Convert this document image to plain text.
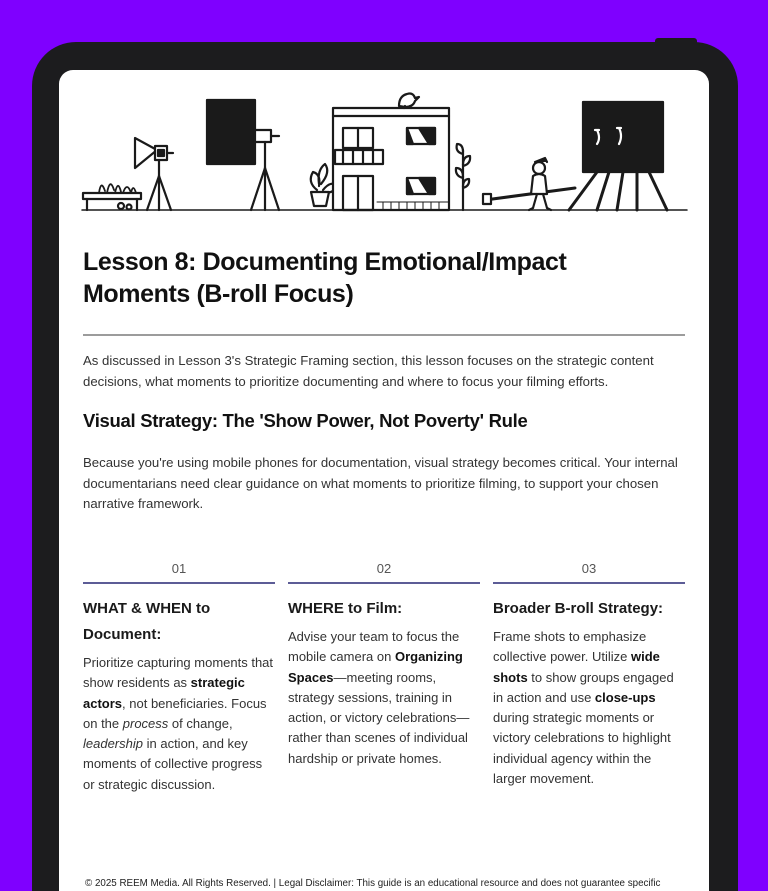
Lesson 8: Documenting Emotional/Impact Moments (B-roll Focus)

As discussed in Lesson 3's Strategic Framing section, this lesson focuses on the strategic content decisions, what moments to prioritize documenting and where to focus your filming efforts.

Visual Strategy: The 'Show Power, Not Poverty' Rule

Because you're using mobile phones for documentation, visual strategy becomes critical. Your internal documentarians need clear guidance on what moments to prioritize filming, to support your chosen narrative framework.

01
WHAT & WHEN to Document:

Prioritize capturing moments that show residents as strategic actors, not beneficiaries. Focus on the process of change, leadership in action, and key moments of collective progress or strategic discussion.

02
WHERE to Film:

Advise your team to focus the mobile camera on Organizing Spaces—meeting rooms, strategy sessions, training in action, or victory celebrations—rather than scenes of individual hardship or private homes.

03
Broader B-roll Strategy:

Frame shots to emphasize collective power. Utilize wide shots to show groups engaged in action and use close-ups during strategic moments or victory celebrations to highlight individual agency within the larger movement.

© 2025 REEM Media. All Rights Reserved. | Legal Disclaimer: This guide is an educational resource and does not guarantee specific
